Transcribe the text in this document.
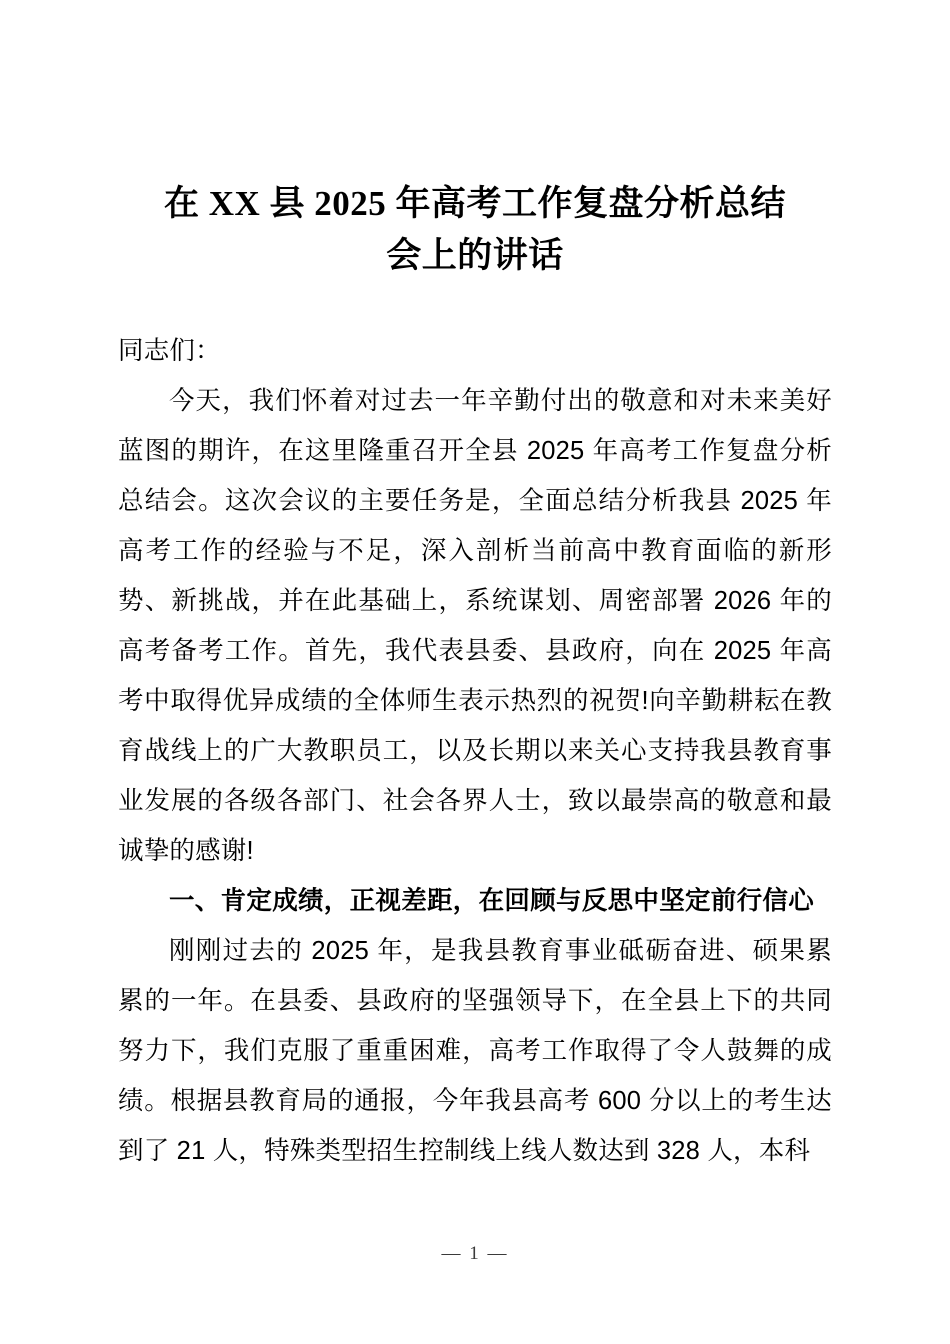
在 XX 县 2025 年高考工作复盘分析总结
会上的讲话

同志们：

今天，我们怀着对过去一年辛勤付出的敬意和对未来美好蓝图的期许，在这里隆重召开全县 2025 年高考工作复盘分析总结会。这次会议的主要任务是，全面总结分析我县 2025 年高考工作的经验与不足，深入剖析当前高中教育面临的新形势、新挑战，并在此基础上，系统谋划、周密部署 2026 年的高考备考工作。首先，我代表县委、县政府，向在 2025 年高考中取得优异成绩的全体师生表示热烈的祝贺!向辛勤耕耘在教育战线上的广大教职员工，以及长期以来关心支持我县教育事业发展的各级各部门、社会各界人士，致以最崇高的敬意和最诚挚的感谢!

一、肯定成绩，正视差距，在回顾与反思中坚定前行信心

刚刚过去的 2025 年，是我县教育事业砥砺奋进、硕果累累的一年。在县委、县政府的坚强领导下，在全县上下的共同努力下，我们克服了重重困难，高考工作取得了令人鼓舞的成绩。根据县教育局的通报，今年我县高考 600 分以上的考生达到了 21 人，特殊类型招生控制线上线人数达到 328 人，本科

— 1 —
